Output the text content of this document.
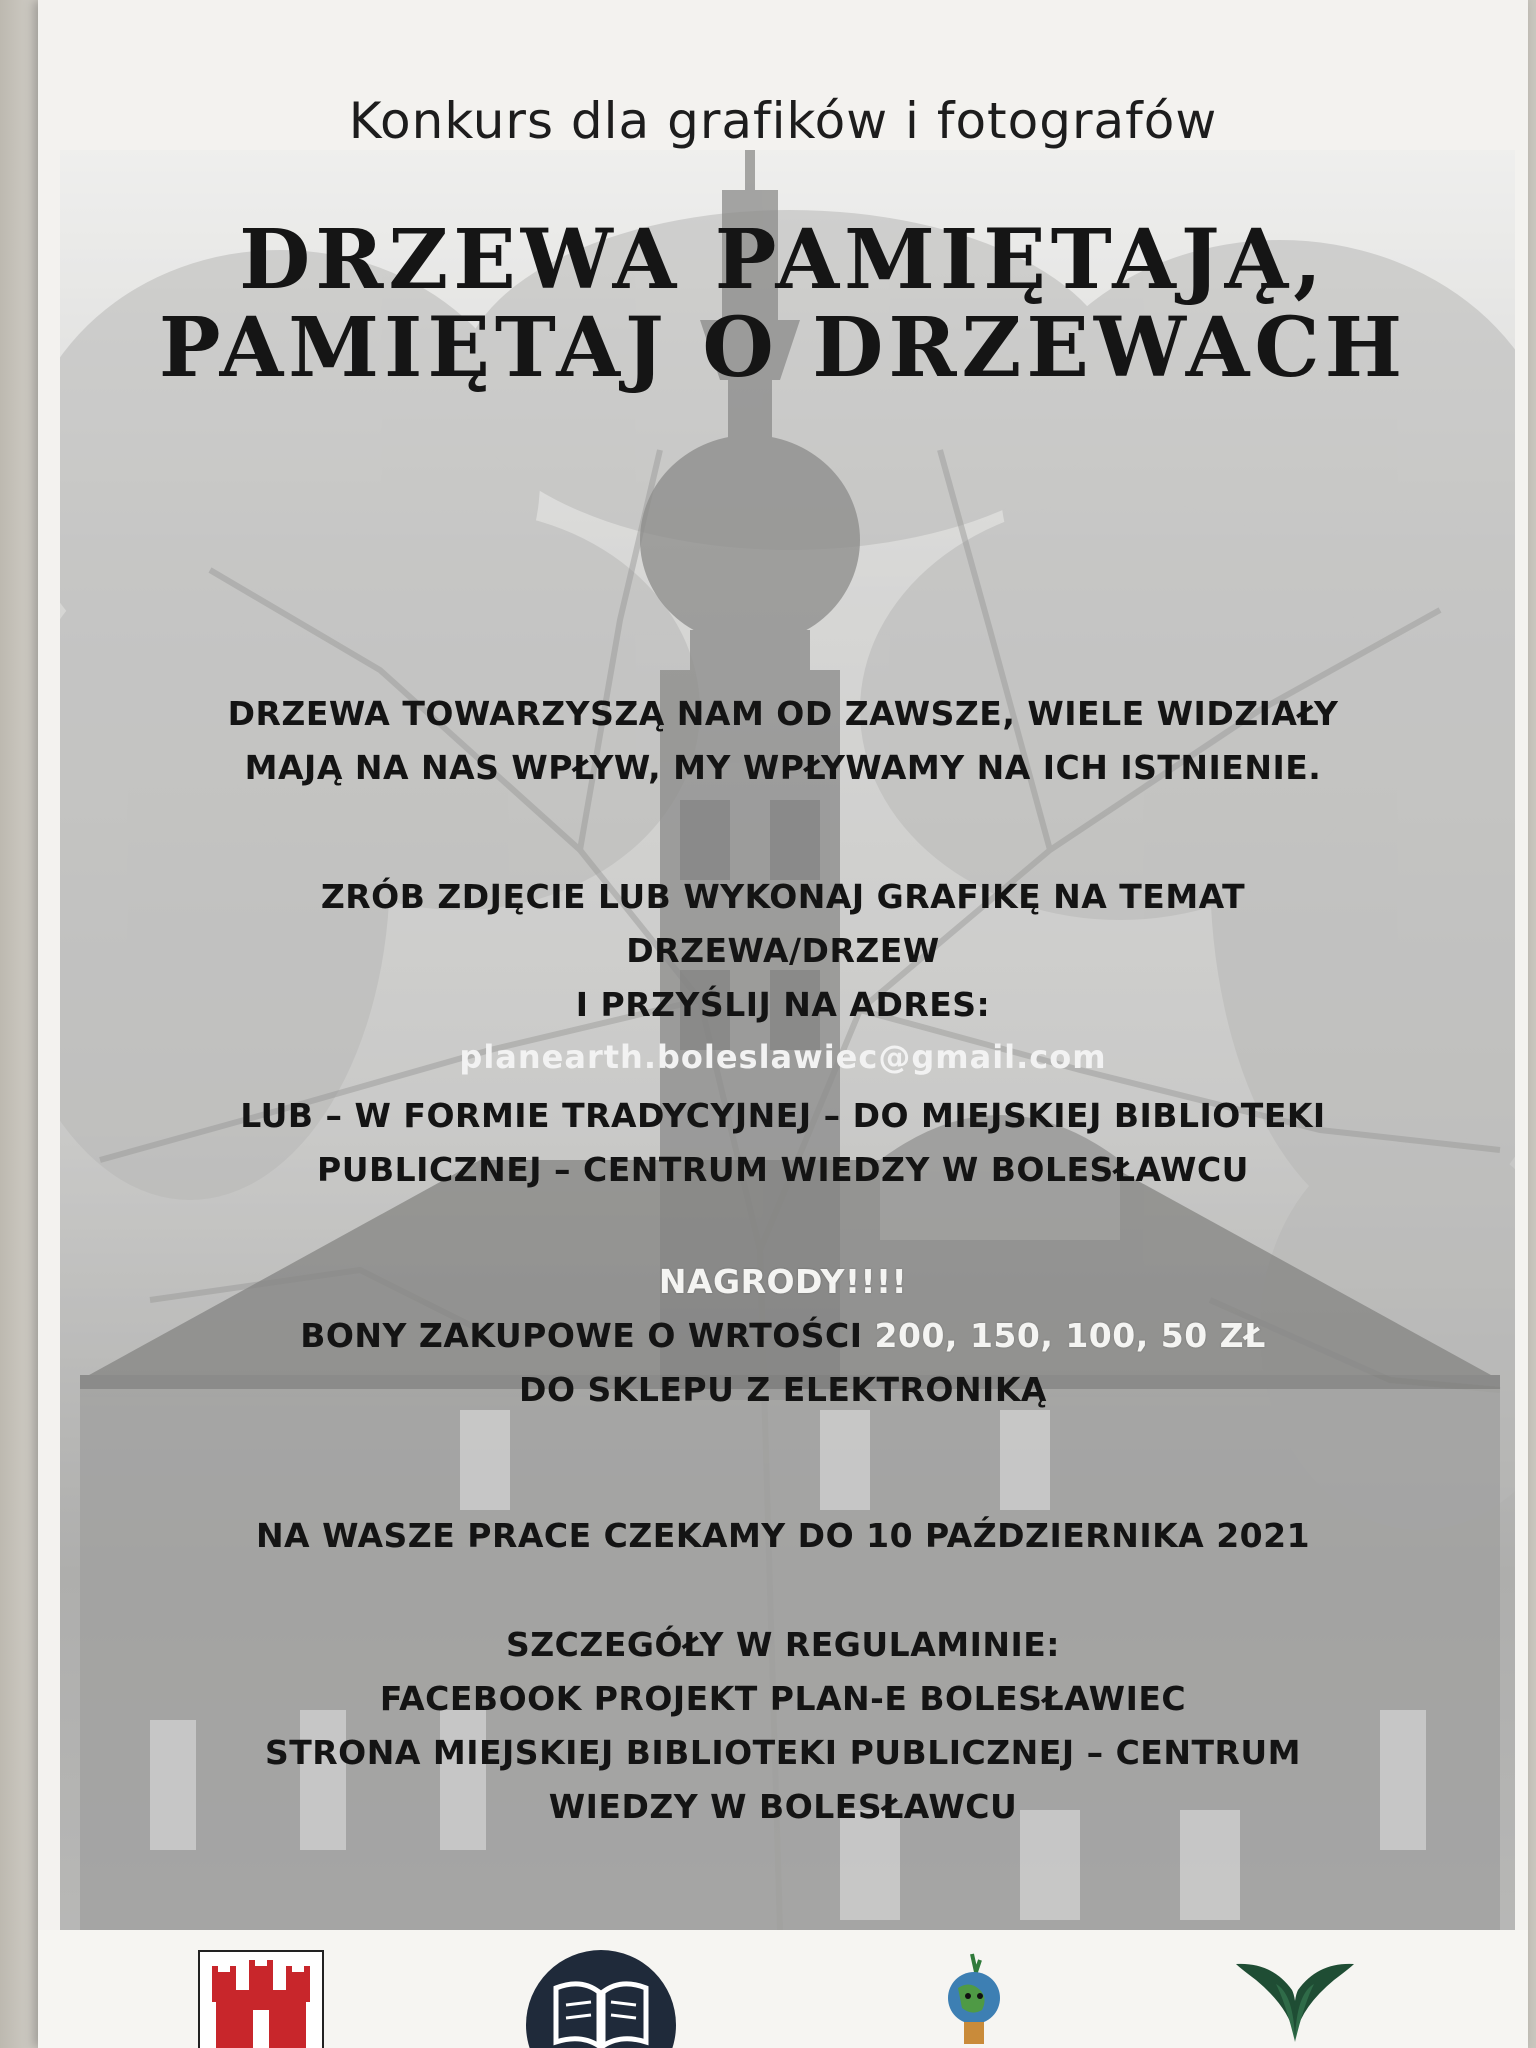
Konkurs dla grafików i fotografów
DRZEWA PAMIĘTAJĄ,
PAMIĘTAJ O DRZEWACH
DRZEWA TOWARZYSZĄ NAM OD ZAWSZE, WIELE WIDZIAŁY
MAJĄ NA NAS WPŁYW, MY WPŁYWAMY NA ICH ISTNIENIE.
ZRÓB ZDJĘCIE LUB WYKONAJ GRAFIKĘ NA TEMAT
DRZEWA/DRZEW
I PRZYŚLIJ NA ADRES:
planearth.boleslawiec@gmail.com
LUB – W FORMIE TRADYCYJNEJ – DO MIEJSKIEJ BIBLIOTEKI
PUBLICZNEJ – CENTRUM WIEDZY W BOLESŁAWCU
NAGRODY!!!!
BONY ZAKUPOWE O WRTOŚCI 200, 150, 100, 50 ZŁ
DO SKLEPU Z ELEKTRONIKĄ
NA WASZE PRACE CZEKAMY DO 10 PAŹDZIERNIKA 2021
SZCZEGÓŁY W REGULAMINIE:
FACEBOOK PROJEKT PLAN-E BOLESŁAWIEC
STRONA MIEJSKIEJ BIBLIOTEKI PUBLICZNEJ – CENTRUM
WIEDZY W BOLESŁAWCU
